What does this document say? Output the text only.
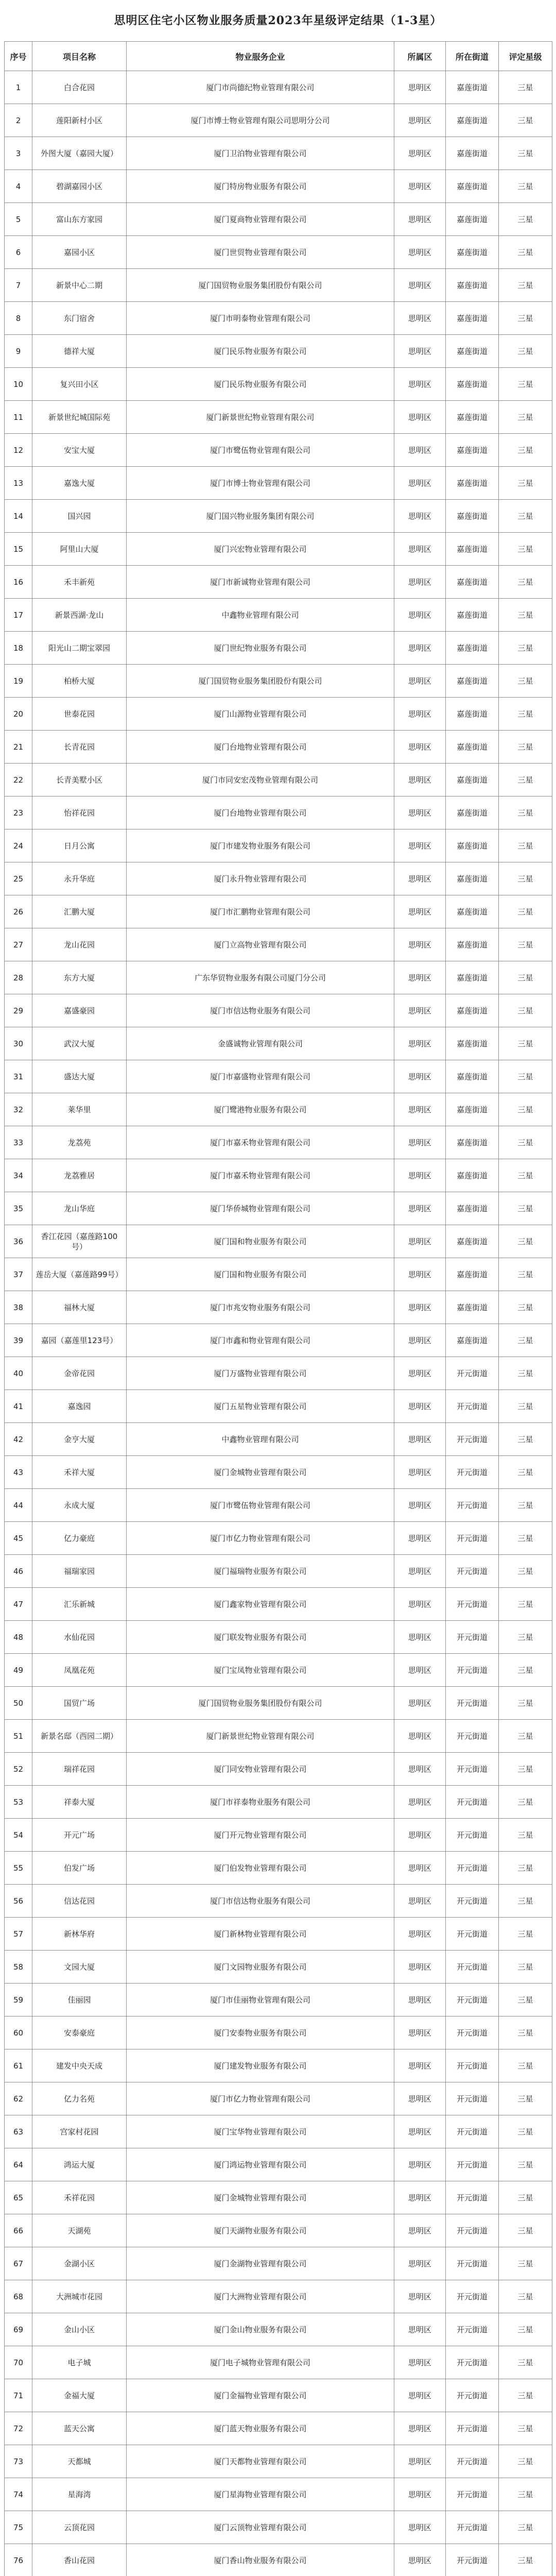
思明区住宅小区物业服务质量2023年星级评定结果（1-3星）
序号	项目名称	物业服务企业	所属区	所在街道	评定星级
1	白合花园	厦门市尚德纪物业管理有限公司	思明区	嘉莲街道	三星
2	莲阳新村小区	厦门市博士物业管理有限公司思明分公司	思明区	嘉莲街道	三星
3	外图大厦（嘉园大厦）	厦门卫泊物业管理有限公司	思明区	嘉莲街道	三星
4	碧湖嘉园小区	厦门特房物业服务有限公司	思明区	嘉莲街道	三星
5	富山东方家园	厦门夏商物业管理有限公司	思明区	嘉莲街道	三星
6	嘉园小区	厦门世贸物业管理有限公司	思明区	嘉莲街道	三星
7	新景中心二期	厦门国贸物业服务集团股份有限公司	思明区	嘉莲街道	三星
8	东门宿舍	厦门市明泰物业管理有限公司	思明区	嘉莲街道	三星
9	德祥大厦	厦门民乐物业服务有限公司	思明区	嘉莲街道	三星
10	复兴田小区	厦门民乐物业服务有限公司	思明区	嘉莲街道	三星
11	新景世纪城国际苑	厦门新景世纪物业管理有限公司	思明区	嘉莲街道	三星
12	安宝大厦	厦门市鹭伍物业管理有限公司	思明区	嘉莲街道	三星
13	嘉逸大厦	厦门市博士物业管理有限公司	思明区	嘉莲街道	三星
14	国兴园	厦门国兴物业服务集团有限公司	思明区	嘉莲街道	三星
15	阿里山大厦	厦门兴宏物业管理有限公司	思明区	嘉莲街道	三星
16	禾丰新苑	厦门市新诚物业管理有限公司	思明区	嘉莲街道	三星
17	新景西湖·龙山	中鑫物业管理有限公司	思明区	嘉莲街道	三星
18	阳光山二期宝翠园	厦门世纪物业服务有限公司	思明区	嘉莲街道	三星
19	柏桥大厦	厦门国贸物业服务集团股份有限公司	思明区	嘉莲街道	三星
20	世泰花园	厦门山源物业管理有限公司	思明区	嘉莲街道	三星
21	长青花园	厦门台地物业管理有限公司	思明区	嘉莲街道	三星
22	长青美墅小区	厦门市同安宏茂物业管理有限公司	思明区	嘉莲街道	三星
23	怡祥花园	厦门台地物业管理有限公司	思明区	嘉莲街道	三星
24	日月公寓	厦门市建发物业服务有限公司	思明区	嘉莲街道	三星
25	永升华庭	厦门永升物业管理有限公司	思明区	嘉莲街道	三星
26	汇鹏大厦	厦门市汇鹏物业管理有限公司	思明区	嘉莲街道	三星
27	龙山花园	厦门立高物业管理有限公司	思明区	嘉莲街道	三星
28	东方大厦	广东华贸物业服务有限公司厦门分公司	思明区	嘉莲街道	三星
29	嘉盛豪园	厦门市信达物业服务有限公司	思明区	嘉莲街道	三星
30	武汉大厦	金盛诚物业管理有限公司	思明区	嘉莲街道	三星
31	盛达大厦	厦门市嘉盛物业管理有限公司	思明区	嘉莲街道	三星
32	莱华里	厦门鹭港物业服务有限公司	思明区	嘉莲街道	三星
33	龙荔苑	厦门市嘉禾物业管理有限公司	思明区	嘉莲街道	三星
34	龙荔雅居	厦门市嘉禾物业管理有限公司	思明区	嘉莲街道	三星
35	龙山华庭	厦门华侨城物业管理有限公司	思明区	嘉莲街道	三星
36	香江花园（嘉莲路100号）	厦门国和物业服务有限公司	思明区	嘉莲街道	三星
37	莲岳大厦（嘉莲路99号）	厦门国和物业服务有限公司	思明区	嘉莲街道	三星
38	福林大厦	厦门市兆安物业服务有限公司	思明区	嘉莲街道	三星
39	嘉园（嘉莲里123号）	厦门市鑫和物业管理有限公司	思明区	嘉莲街道	三星
40	金帝花园	厦门万盛物业管理有限公司	思明区	开元街道	三星
41	嘉逸园	厦门五星物业管理有限公司	思明区	开元街道	三星
42	金亨大厦	中鑫物业管理有限公司	思明区	开元街道	三星
43	禾祥大厦	厦门金城物业管理有限公司	思明区	开元街道	三星
44	永成大厦	厦门市鹭伍物业管理有限公司	思明区	开元街道	三星
45	亿力豪庭	厦门市亿力物业管理有限公司	思明区	开元街道	三星
46	福瑞家园	厦门福瑞物业服务有限公司	思明区	开元街道	三星
47	汇乐新城	厦门鑫家物业管理有限公司	思明区	开元街道	三星
48	水仙花园	厦门联发物业服务有限公司	思明区	开元街道	三星
49	凤凰花苑	厦门宝凤物业管理有限公司	思明区	开元街道	三星
50	国贸广场	厦门国贸物业服务集团股份有限公司	思明区	开元街道	三星
51	新景名邸（西园二期）	厦门新景世纪物业管理有限公司	思明区	开元街道	三星
52	瑞祥花园	厦门同安物业管理有限公司	思明区	开元街道	三星
53	祥泰大厦	厦门市祥泰物业服务有限公司	思明区	开元街道	三星
54	开元广场	厦门开元物业管理有限公司	思明区	开元街道	三星
55	伯发广场	厦门伯发物业管理有限公司	思明区	开元街道	三星
56	信达花园	厦门市信达物业服务有限公司	思明区	开元街道	三星
57	新林华府	厦门新林物业管理有限公司	思明区	开元街道	三星
58	文园大厦	厦门文园物业服务有限公司	思明区	开元街道	三星
59	佳丽园	厦门市佳丽物业管理有限公司	思明区	开元街道	三星
60	安泰豪庭	厦门安泰物业服务有限公司	思明区	开元街道	三星
61	建发中央天成	厦门建发物业服务有限公司	思明区	开元街道	三星
62	亿力名苑	厦门市亿力物业管理有限公司	思明区	开元街道	三星
63	宫家村花园	厦门宝华物业管理有限公司	思明区	开元街道	三星
64	鸿运大厦	厦门鸿运物业管理有限公司	思明区	开元街道	三星
65	禾祥花园	厦门金城物业管理有限公司	思明区	开元街道	三星
66	天湖苑	厦门天湖物业服务有限公司	思明区	开元街道	三星
67	金湖小区	厦门金湖物业管理有限公司	思明区	开元街道	三星
68	大洲城市花园	厦门大洲物业管理有限公司	思明区	开元街道	三星
69	金山小区	厦门金山物业服务有限公司	思明区	开元街道	三星
70	电子城	厦门电子城物业管理有限公司	思明区	开元街道	三星
71	金福大厦	厦门金福物业管理有限公司	思明区	开元街道	三星
72	蓝天公寓	厦门蓝天物业服务有限公司	思明区	开元街道	三星
73	天都城	厦门天都物业管理有限公司	思明区	开元街道	三星
74	星海湾	厦门星海物业管理有限公司	思明区	开元街道	三星
75	云顶花园	厦门云顶物业管理有限公司	思明区	开元街道	三星
76	香山花园	厦门香山物业服务有限公司	思明区	开元街道	三星
